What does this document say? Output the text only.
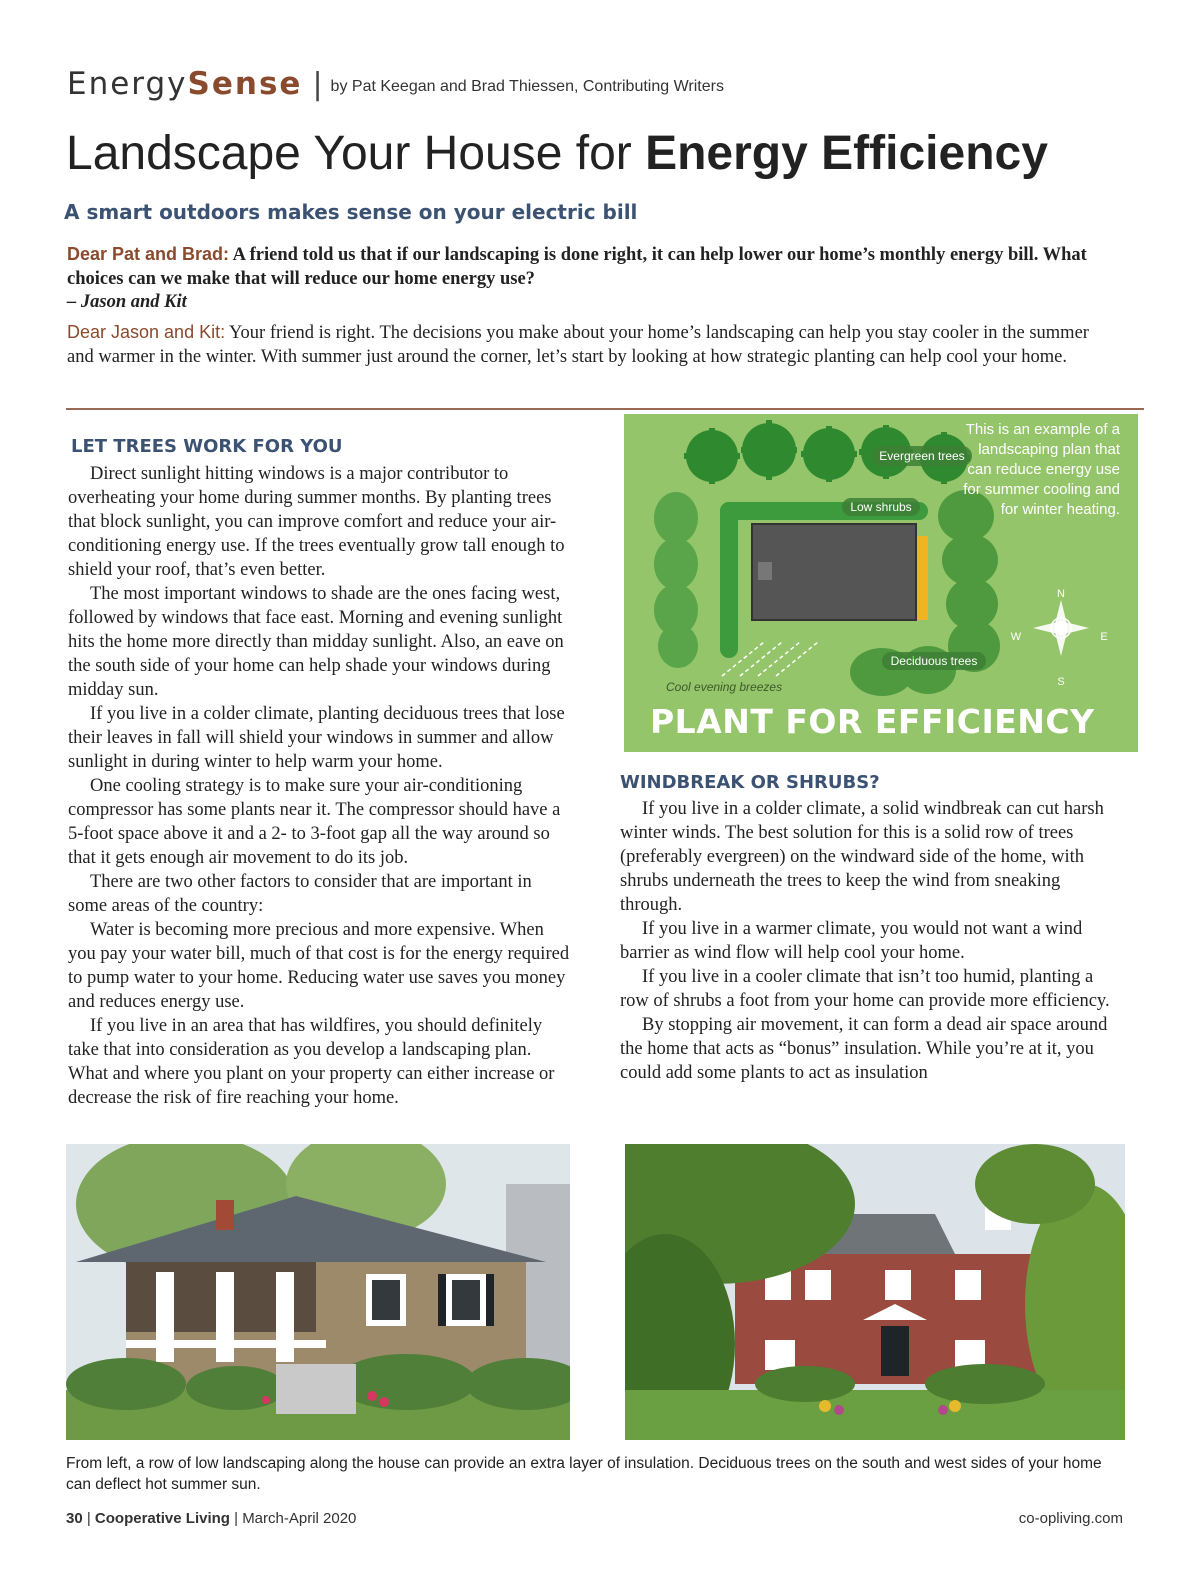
EnergySense | by Pat Keegan and Brad Thiessen, Contributing Writers
Landscape Your House for Energy Efficiency
A smart outdoors makes sense on your electric bill
Dear Pat and Brad: A friend told us that if our landscaping is done right, it can help lower our home’s monthly energy bill. What choices can we make that will reduce our home energy use?
– Jason and Kit
Dear Jason and Kit: Your friend is right. The decisions you make about your home’s landscaping can help you stay cooler in the summer and warmer in the winter. With summer just around the corner, let’s start by looking at how strategic planting can help cool your home.
LET TREES WORK FOR YOU

Direct sunlight hitting windows is a major contributor to overheating your home during summer months. By planting trees that block sunlight, you can improve comfort and reduce your air-conditioning energy use. If the trees eventually grow tall enough to shield your roof, that’s even better.

The most important windows to shade are the ones facing west, followed by windows that face east. Morning and evening sunlight hits the home more directly than midday sunlight. Also, an eave on the south side of your home can help shade your windows during midday sun.

If you live in a colder climate, planting deciduous trees that lose their leaves in fall will shield your windows in summer and allow sunlight in during winter to help warm your home.

One cooling strategy is to make sure your air-conditioning compressor has some plants near it. The compressor should have a 5-foot space above it and a 2- to 3-foot gap all the way around so that it gets enough air movement to do its job.

There are two other factors to consider that are important in some areas of the country:

Water is becoming more precious and more expensive. When you pay your water bill, much of that cost is for the energy required to pump water to your home. Reducing water use saves you money and reduces energy use.

If you live in an area that has wildfires, you should definitely take that into consideration as you develop a landscaping plan. What and where you plant on your property can either increase or decrease the risk of fire reaching your home.

Evergreen trees
Low shrubs
Deciduous trees
Cool evening breezes
N
S
E
W
This is an example of a landscaping plan that can reduce energy use for summer cooling and for winter heating.
PLANT FOR EFFICIENCY
WINDBREAK OR SHRUBS?

If you live in a colder climate, a solid windbreak can cut harsh winter winds. The best solution for this is a solid row of trees (preferably evergreen) on the windward side of the home, with shrubs underneath the trees to keep the wind from sneaking through.

If you live in a warmer climate, you would not want a wind barrier as wind flow will help cool your home.

If you live in a cooler climate that isn’t too humid, planting a row of shrubs a foot from your home can provide more efficiency.

By stopping air movement, it can form a dead air space around the home that acts as “bonus” insulation. While you’re at it, you could add some plants to act as insulation

From left, a row of low landscaping along the house can provide an extra layer of insulation. Deciduous trees on the south and west sides of your home can deflect hot summer sun.
30 | Cooperative Living | March-April 2020	co-opliving.com
